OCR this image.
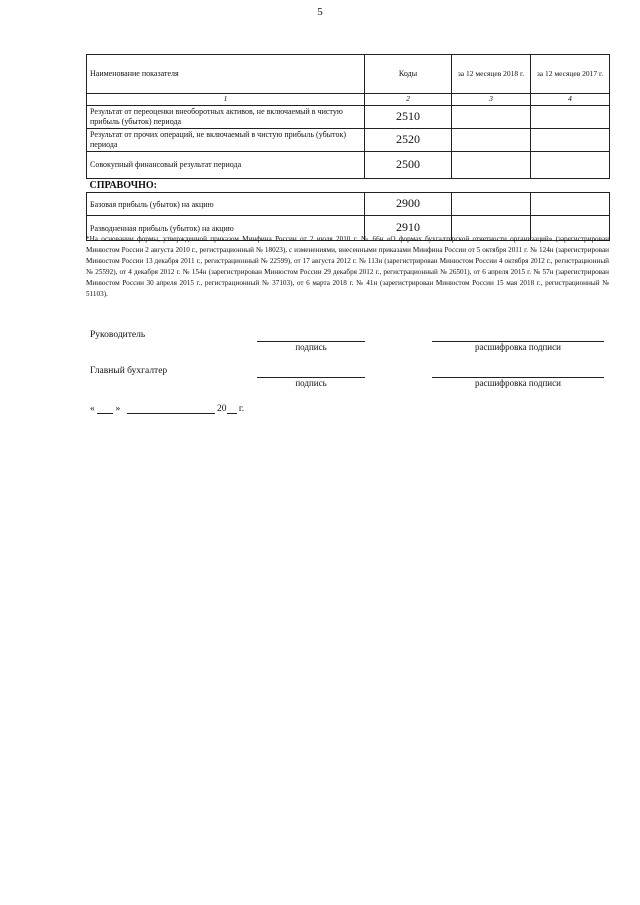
5
Наименование показателя	Коды	за 12 месяцев 2018 г.	за 12 месяцев 2017 г.
1	2	3	4
Результат от переоценки внеоборотных активов, не включаемый в чистую прибыль (убыток) периода	2510		
Результат от прочих операций, не включаемый в чистую прибыль (убыток) периода	2520		
Совокупный финансовый результат периода	2500		
СПРАВОЧНО:			
Базовая прибыль (убыток) на акцию	2900		
Разводненная прибыль (убыток) на акцию	2910		

*На основании формы, утвержденной приказом Минфина России от 2 июля 2010 г. № 66н «О формах бухгалтерской отчетности организаций» (зарегистрирован Минюстом России 2 августа 2010 г., регистрационный № 18023), с изменениями, внесенными приказами Минфина России от 5 октября 2011 г. № 124н (зарегистрирован Минюстом России 13 декабря 2011 г., регистрационный № 22599), от 17 августа 2012 г. № 113н (зарегистрирован Минюстом России 4 октября 2012 г., регистрационный № 25592), от 4 декабря 2012 г. № 154н (зарегистрирован Минюстом России 29 декабря 2012 г., регистрационный № 26501), от 6 апреля 2015 г. № 57н (зарегистрирован Минюстом России 30 апреля 2015 г., регистрационный № 37103), от 6 марта 2018 г. № 41н (зарегистрирован Минюстом России 15 мая 2018 г., регистрационный № 51103).

Руководитель
подпись	расшифровка подписи
Главный бухгалтер
подпись	расшифровка подписи
« »	20 г.
